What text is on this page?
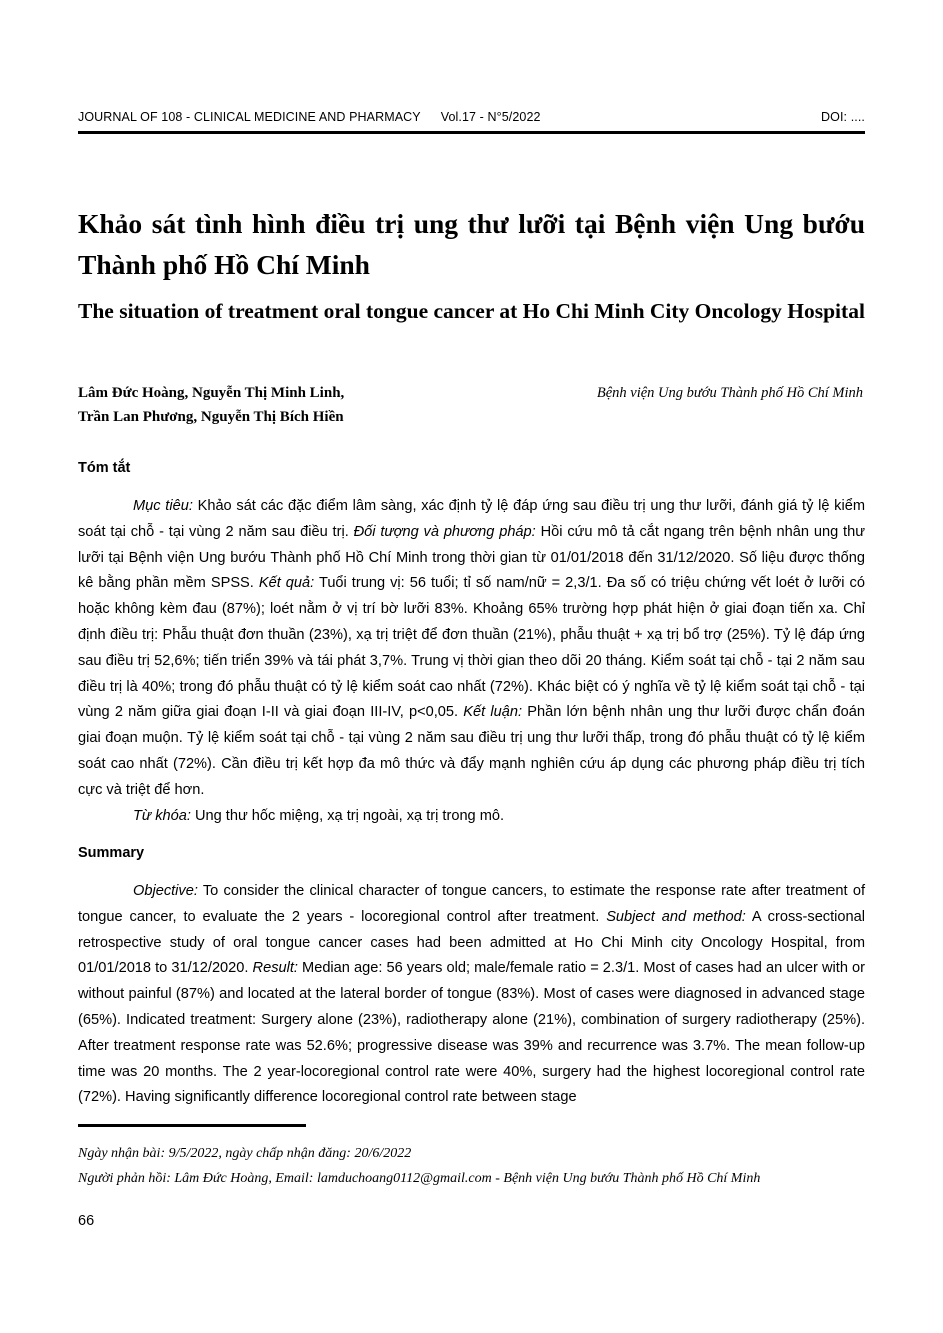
JOURNAL OF 108 - CLINICAL MEDICINE AND PHARMACY Vol.17 - N°5/2022	DOI: ....
Khảo sát tình hình điều trị ung thư lưỡi tại Bệnh viện Ung bướu Thành phố Hồ Chí Minh
The situation of treatment oral tongue cancer at Ho Chi Minh City Oncology Hospital
Lâm Đức Hoàng, Nguyễn Thị Minh Linh,
Trần Lan Phương, Nguyễn Thị Bích Hiền
Bệnh viện Ung bướu Thành phố Hồ Chí Minh
Tóm tắt

Mục tiêu: Khảo sát các đặc điểm lâm sàng, xác định tỷ lệ đáp ứng sau điều trị ung thư lưỡi, đánh giá tỷ lệ kiểm soát tại chỗ - tại vùng 2 năm sau điều trị. Đối tượng và phương pháp: Hồi cứu mô tả cắt ngang trên bệnh nhân ung thư lưỡi tại Bệnh viện Ung bướu Thành phố Hồ Chí Minh trong thời gian từ 01/01/2018 đến 31/12/2020. Số liệu được thống kê bằng phần mềm SPSS. Kết quả: Tuổi trung vị: 56 tuổi; tỉ số nam/nữ = 2,3/1. Đa số có triệu chứng vết loét ở lưỡi có hoặc không kèm đau (87%); loét nằm ở vị trí bờ lưỡi 83%. Khoảng 65% trường hợp phát hiện ở giai đoạn tiến xa. Chỉ định điều trị: Phẫu thuật đơn thuần (23%), xạ trị triệt để đơn thuần (21%), phẫu thuật + xạ trị bổ trợ (25%). Tỷ lệ đáp ứng sau điều trị 52,6%; tiến triển 39% và tái phát 3,7%. Trung vị thời gian theo dõi 20 tháng. Kiểm soát tại chỗ - tại 2 năm sau điều trị là 40%; trong đó phẫu thuật có tỷ lệ kiểm soát cao nhất (72%). Khác biệt có ý nghĩa về tỷ lệ kiểm soát tại chỗ - tại vùng 2 năm giữa giai đoạn I-II và giai đoạn III-IV, p<0,05. Kết luận: Phần lớn bệnh nhân ung thư lưỡi được chẩn đoán giai đoạn muộn. Tỷ lệ kiểm soát tại chỗ - tại vùng 2 năm sau điều trị ung thư lưỡi thấp, trong đó phẫu thuật có tỷ lệ kiểm soát cao nhất (72%). Cần điều trị kết hợp đa mô thức và đẩy mạnh nghiên cứu áp dụng các phương pháp điều trị tích cực và triệt để hơn.

Từ khóa: Ung thư hốc miệng, xạ trị ngoài, xạ trị trong mô.

Summary

Objective: To consider the clinical character of tongue cancers, to estimate the response rate after treatment of tongue cancer, to evaluate the 2 years - locoregional control after treatment. Subject and method: A cross-sectional retrospective study of oral tongue cancer cases had been admitted at Ho Chi Minh city Oncology Hospital, from 01/01/2018 to 31/12/2020. Result: Median age: 56 years old; male/female ratio = 2.3/1. Most of cases had an ulcer with or without painful (87%) and located at the lateral border of tongue (83%). Most of cases were diagnosed in advanced stage (65%). Indicated treatment: Surgery alone (23%), radiotherapy alone (21%), combination of surgery radiotherapy (25%). After treatment response rate was 52.6%; progressive disease was 39% and recurrence was 3.7%. The mean follow-up time was 20 months. The 2 year-locoregional control rate were 40%, surgery had the highest locoregional control rate (72%). Having significantly difference locoregional control rate between stage

Ngày nhận bài: 9/5/2022, ngày chấp nhận đăng: 20/6/2022
Người phản hồi: Lâm Đức Hoàng, Email: lamduchoang0112@gmail.com - Bệnh viện Ung bướu Thành phố Hồ Chí Minh
66
